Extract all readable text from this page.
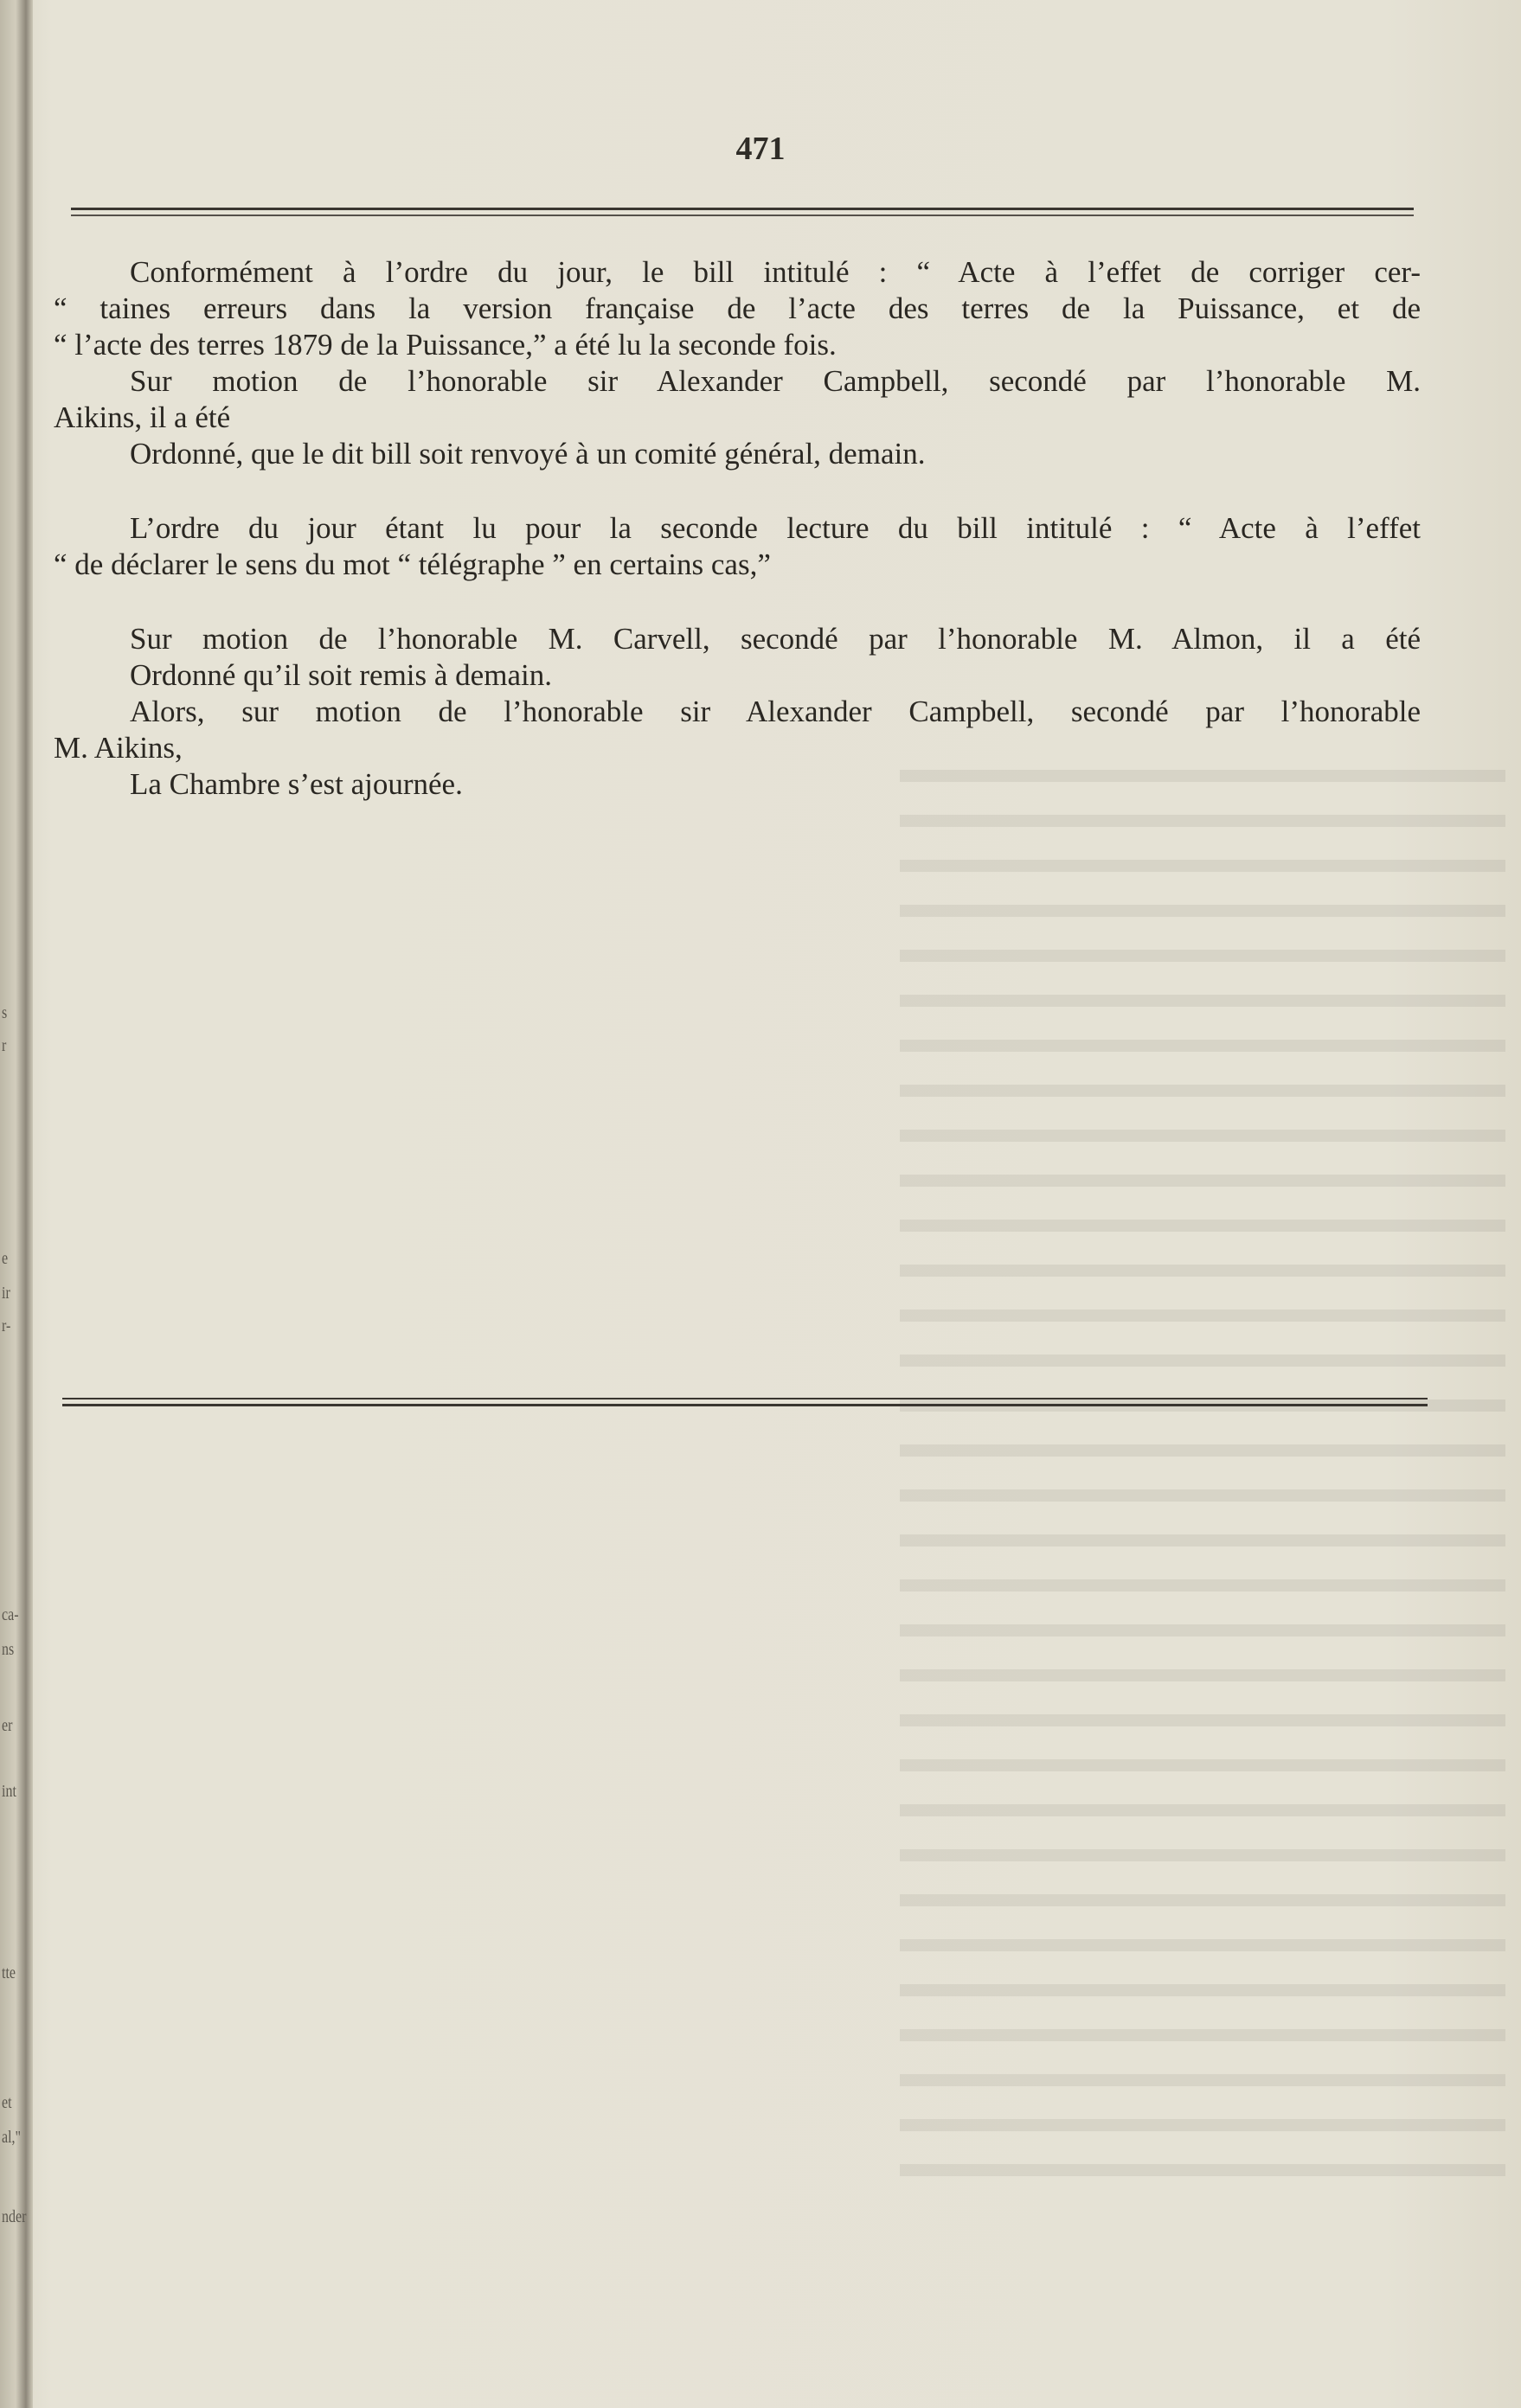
s
r
e
ir
r-
ca-
ns
er
int
tte
et
al,"
nder
471

Conformément à l’ordre du jour, le bill intitulé : “ Acte à l’effet de corriger cer-
“ taines erreurs dans la version française de l’acte des terres de la Puissance, et de
“ l’acte des terres 1879 de la Puissance,” a été lu la seconde fois.

Sur motion de l’honorable sir Alexander Campbell, secondé par l’honorable M.
Aikins, il a été

Ordonné, que le dit bill soit renvoyé à un comité général, demain.

L’ordre du jour étant lu pour la seconde lecture du bill intitulé : “ Acte à l’effet
“ de déclarer le sens du mot “ télégraphe ” en certains cas,”

Sur motion de l’honorable M. Carvell, secondé par l’honorable M. Almon, il a été

Ordonné qu’il soit remis à demain.

Alors, sur motion de l’honorable sir Alexander Campbell, secondé par l’honorable
M. Aikins,

La Chambre s’est ajournée.
